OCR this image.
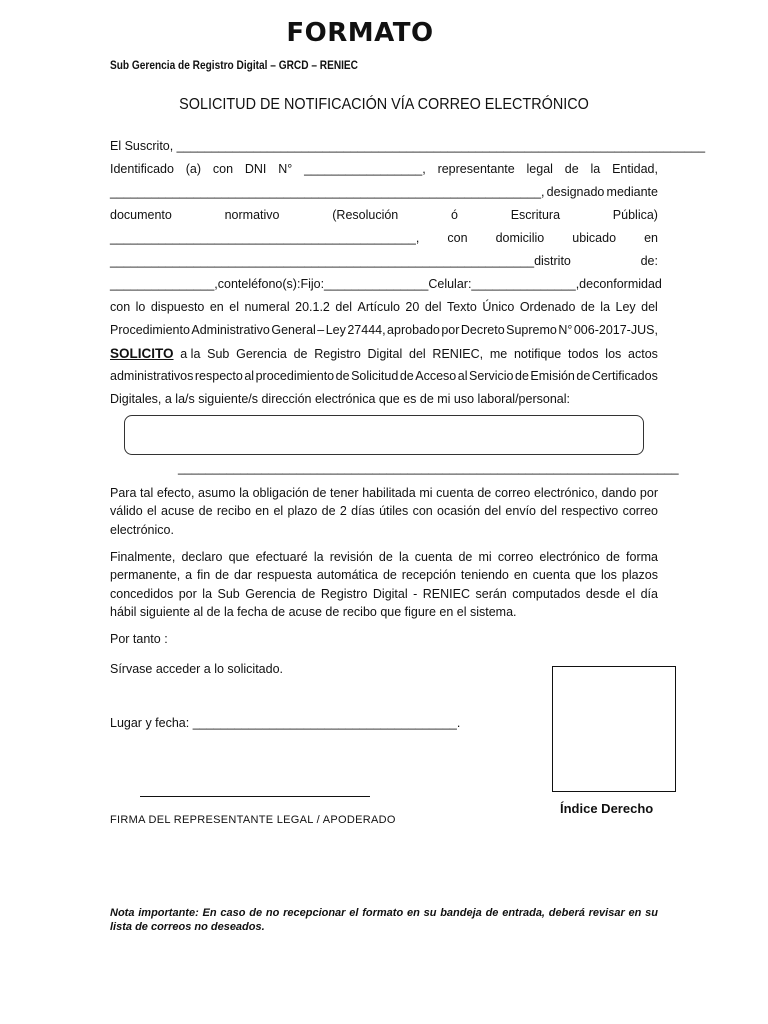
FORMATO
Sub Gerencia de Registro Digital – GRCD – RENIEC
SOLICITUD DE NOTIFICACIÓN VÍA CORREO ELECTRÓNICO
El Suscrito, ____________________________________________________________________________
Identificado (a) con DNI N° _________________, representante legal de la Entidad,
______________________________________________________________, designado mediante
documento	normativo	(Resolución	ó	Escritura	Pública)
____________________________________________, con domicilio ubicado en
_____________________________________________________________distrito	de:
_______________,con teléfono(s): Fijo:_______________ Celular:_______________, de conformidad
con lo dispuesto en el numeral 20.1.2 del Artículo 20 del Texto Único Ordenado de la Ley del
Procedimiento Administrativo General – Ley 27444, aprobado por Decreto Supremo N° 006-2017-JUS,
SOLICITO a la Sub Gerencia de Registro Digital del RENIEC, me notifique todos los actos
administrativos respecto al procedimiento de Solicitud de Acceso al Servicio de Emisión de Certificados
Digitales, a la/s siguiente/s dirección electrónica que es de mi uso laboral/personal:
________________________________________________________________________
Para tal efecto, asumo la obligación de tener habilitada mi cuenta de correo electrónico, dando por válido el acuse de recibo en el plazo de 2 días útiles con ocasión del envío del respectivo correo electrónico.
Finalmente, declaro que efectuaré la revisión de la cuenta de mi correo electrónico de forma permanente, a fin de dar respuesta automática de recepción teniendo en cuenta que los plazos concedidos por la Sub Gerencia de Registro Digital - RENIEC serán computados desde el día hábil siguiente al de la fecha de acuse de recibo que figure en el sistema.
Por tanto :
Sírvase acceder a lo solicitado.
Lugar y fecha: ______________________________________.
Índice Derecho
FIRMA DEL REPRESENTANTE LEGAL / APODERADO
Nota importante: En caso de no recepcionar el formato en su bandeja de entrada, deberá revisar en su lista de correos no deseados.
